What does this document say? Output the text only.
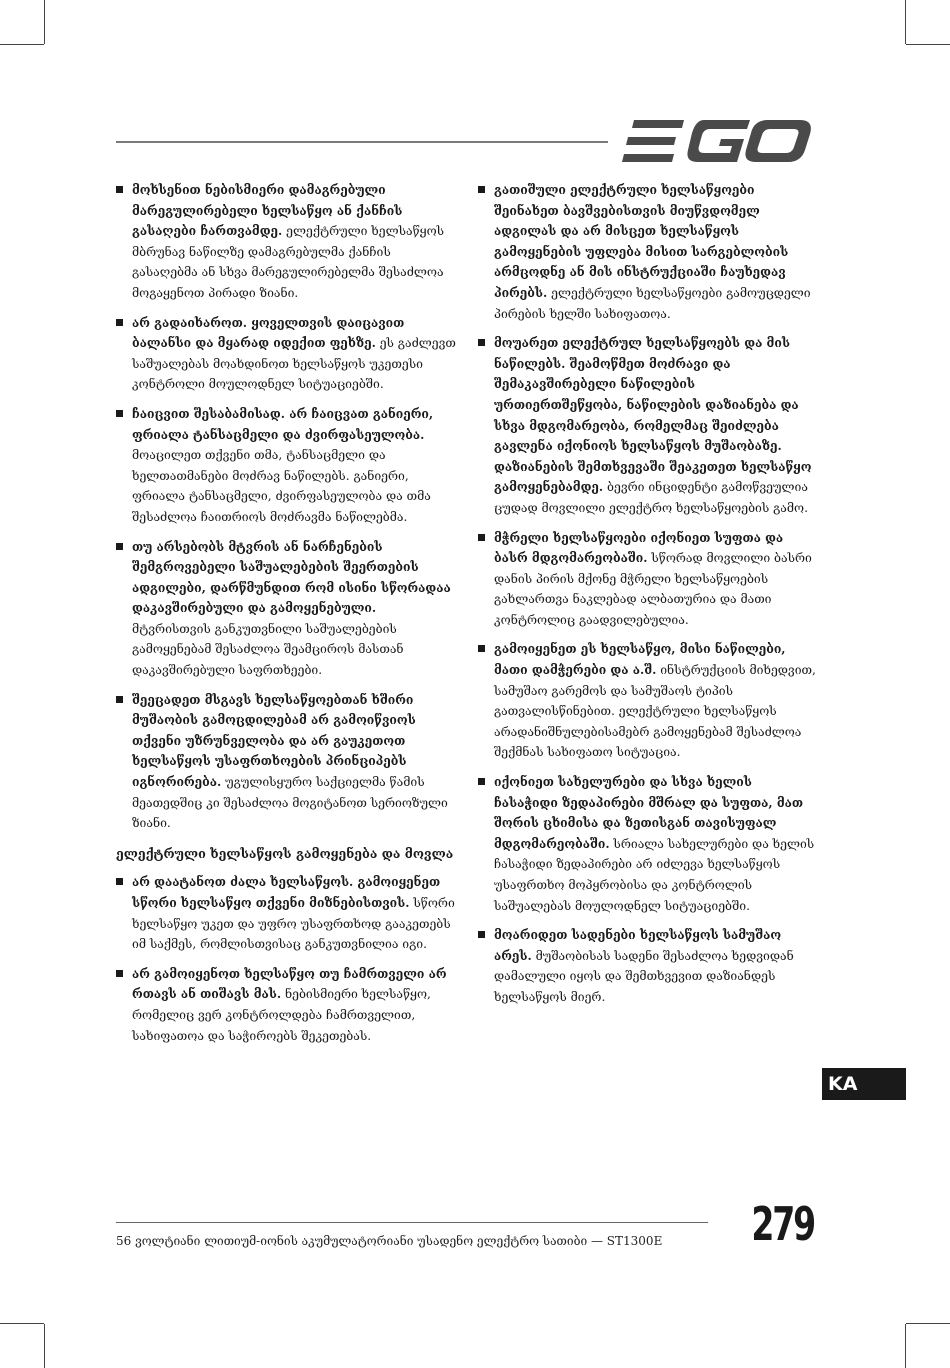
მოხსენით ნებისმიერი დამაგრებული მარეგულირებელი ხელსაწყო ან ქანჩის გასაღები ჩართვამდე. ელექტრული ხელსაწყოს მბრუნავ ნაწილზე დამაგრებულმა ქანჩის გასაღებმა ან სხვა მარეგულირებელმა შესაძლოა მოგაყენოთ პირადი ზიანი.
არ გადაიხაროთ. ყოველთვის დაიცავით ბალანსი და მყარად იდექით ფეხზე. ეს გაძლევთ საშუალებას მოახდინოთ ხელსაწყოს უკეთესი კონტროლი მოულოდნელ სიტუაციებში.
ჩაიცვით შესაბამისად. არ ჩაიცვათ განიერი, ფრიალა ტანსაცმელი და ძვირფასეულობა. მოაცილეთ თქვენი თმა, ტანსაცმელი და ხელთათმანები მოძრავ ნაწილებს. განიერი, ფრიალა ტანსაცმელი, ძვირფასეულობა და თმა შესაძლოა ჩაითრიოს მოძრავმა ნაწილებმა.
თუ არსებობს მტვრის ან ნარჩენების შემგროვებელი საშუალებების შეერთების ადგილები, დარწმუნდით რომ ისინი სწორადაა დაკავშირებული და გამოყენებული. მტვრისთვის განკუთვნილი საშუალებების გამოყენებამ შესაძლოა შეამციროს მასთან დაკავშირებული საფრთხეები.
შეეცადეთ მსგავს ხელსაწყოებთან ხშირი მუშაობის გამოცდილებამ არ გამოიწვიოს თქვენი უზრუნველობა და არ გაუკეთოთ ხელსაწყოს უსაფრთხოების პრინციპებს იგნორირება. უგულისყურო საქციელმა წამის მეათედშიც კი შესაძლოა მოგიტანოთ სერიოზული ზიანი.
ელექტრული ხელსაწყოს გამოყენება და მოვლა
არ დაატანოთ ძალა ხელსაწყოს. გამოიყენეთ სწორი ხელსაწყო თქვენი მიზნებისთვის. სწორი ხელსაწყო უკეთ და უფრო უსაფრთხოდ გააკეთებს იმ საქმეს, რომლისთვისაც განკუთვნილია იგი.
არ გამოიყენოთ ხელსაწყო თუ ჩამრთველი არ რთავს ან თიშავს მას. ნებისმიერი ხელსაწყო, რომელიც ვერ კონტროლდება ჩამრთველით, სახიფათოა და საჭიროებს შეკეთებას.
გათიშული ელექტრული ხელსაწყოები შეინახეთ ბავშვებისთვის მიუწვდომელ ადგილას და არ მისცეთ ხელსაწყოს გამოყენების უფლება მისით სარგებლობის არმცოდნე ან მის ინსტრუქციაში ჩაუხედავ პირებს. ელექტრული ხელსაწყოები გამოუცდელი პირების ხელში სახიფათოა.
მოუარეთ ელექტრულ ხელსაწყოებს და მის ნაწილებს. შეამოწმეთ მოძრავი და შემაკავშირებელი ნაწილების ურთიერთშეწყობა, ნაწილების დაზიანება და სხვა მდგომარეობა, რომელმაც შეიძლება გავლენა იქონიოს ხელსაწყოს მუშაობაზე. დაზიანების შემთხვევაში შეაკეთეთ ხელსაწყო გამოყენებამდე. ბევრი ინციდენტი გამოწვეულია ცუდად მოვლილი ელექტრო ხელსაწყოების გამო.
მჭრელი ხელსაწყოები იქონიეთ სუფთა და ბასრ მდგომარეობაში. სწორად მოვლილი ბასრი დანის პირის მქონე მჭრელი ხელსაწყოების გახლართვა ნაკლებად ალბათურია და მათი კონტროლიც გაადვილებულია.
გამოიყენეთ ეს ხელსაწყო, მისი ნაწილები, მათი დამჭერები და ა.შ. ინსტრუქციის მიხედვით, სამუშაო გარემოს და სამუშაოს ტიპის გათვალისწინებით. ელექტრული ხელსაწყოს არადანიშნულებისამებრ გამოყენებამ შესაძლოა შექმნას სახიფათო სიტუაცია.
იქონიეთ სახელურები და სხვა ხელის ჩასაჭიდი ზედაპირები მშრალ და სუფთა, მათ შორის ცხიმისა და ზეთისგან თავისუფალ მდგომარეობაში. სრიალა სახელურები და ხელის ჩასაჭიდი ზედაპირები არ იძლევა ხელსაწყოს უსაფრთხო მოპყრობისა და კონტროლის საშუალებას მოულოდნელ სიტუაციებში.
მოარიდეთ სადენები ხელსაწყოს სამუშაო არეს. მუშაობისას სადენი შესაძლოა ხედვიდან დამალული იყოს და შემთხვევით დაზიანდეს ხელსაწყოს მიერ.
KA
56 ვოლტიანი ლითიუმ-იონის აკუმულატორიანი უსადენო ელექტრო სათიბი — ST1300E 279
